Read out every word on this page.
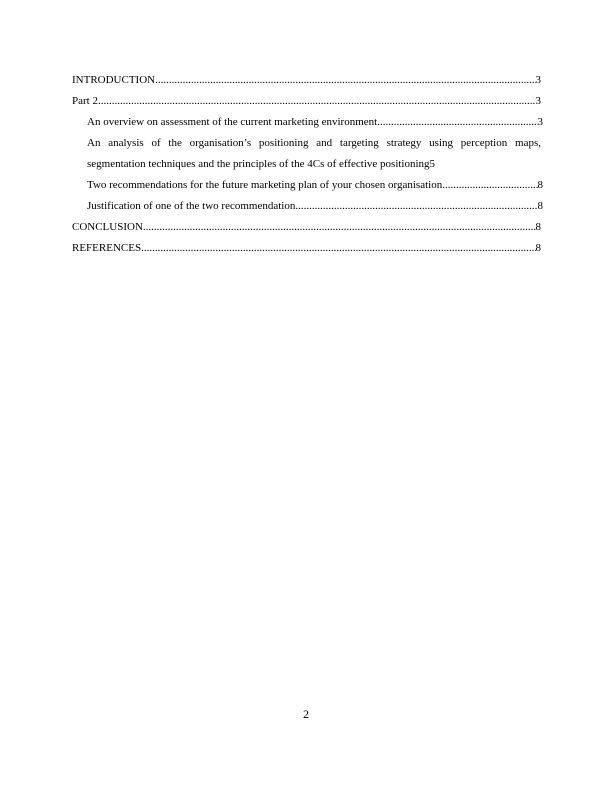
INTRODUCTION .....	3
Part 2 .....	3
An overview on assessment of the current marketing environment .....	3
An analysis of the organisation’s positioning and targeting strategy using perception maps,
segmentation techniques and the principles of the 4Cs of effective positioning 5
Two recommendations for the future marketing plan of your chosen organisation .....	8
Justification of one of the two recommendation .....	8
CONCLUSION .....	8
REFERENCES .....	8
2
